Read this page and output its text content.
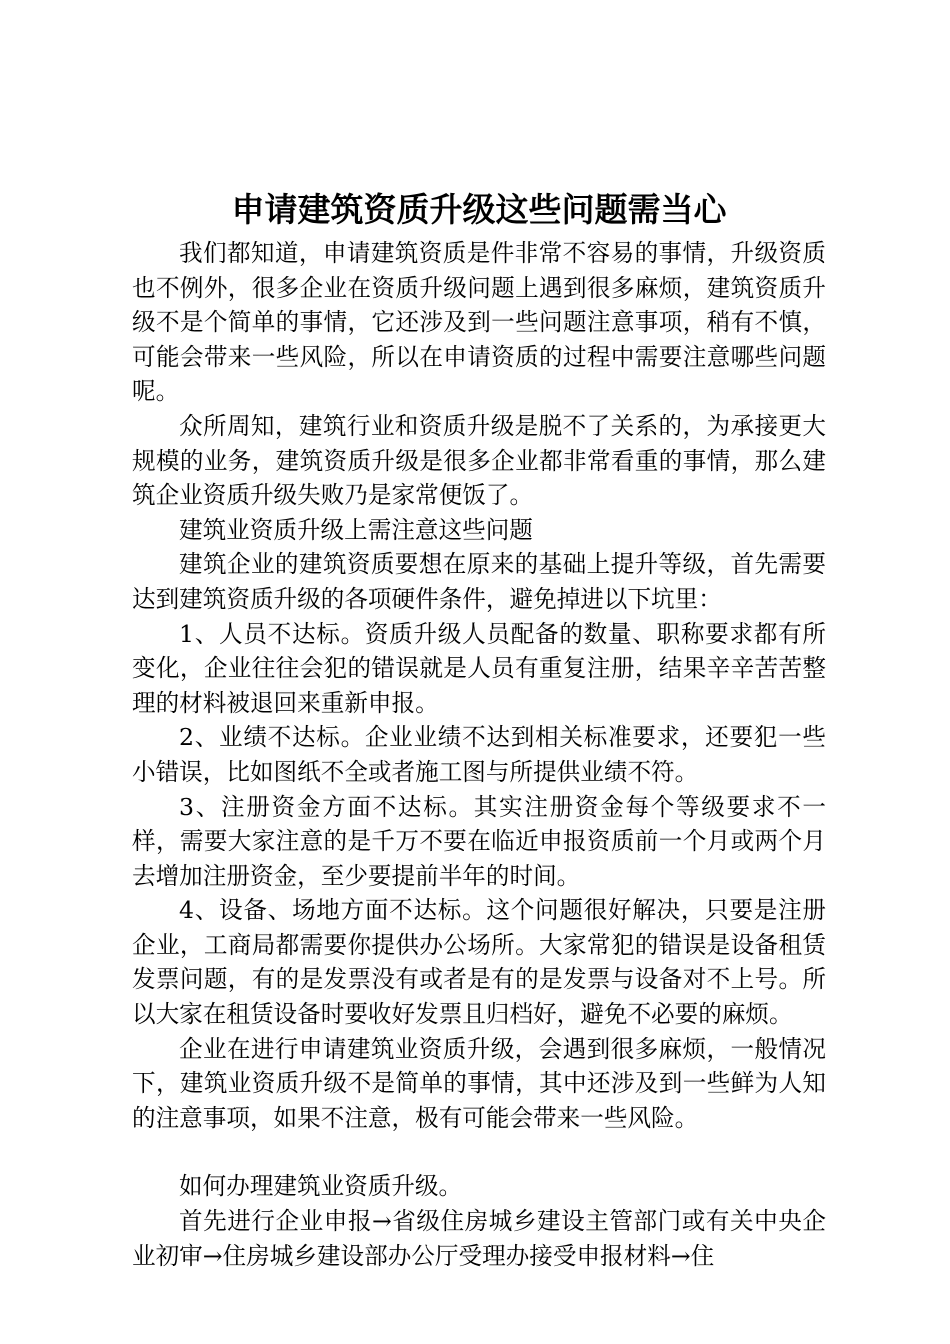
申请建筑资质升级这些问题需当心

我们都知道，申请建筑资质是件非常不容易的事情，升级资质也不例外，很多企业在资质升级问题上遇到很多麻烦，建筑资质升级不是个简单的事情，它还涉及到一些问题注意事项，稍有不慎，可能会带来一些风险，所以在申请资质的过程中需要注意哪些问题呢。

众所周知，建筑行业和资质升级是脱不了关系的，为承接更大规模的业务，建筑资质升级是很多企业都非常看重的事情，那么建筑企业资质升级失败乃是家常便饭了。

建筑业资质升级上需注意这些问题

建筑企业的建筑资质要想在原来的基础上提升等级，首先需要达到建筑资质升级的各项硬件条件，避免掉进以下坑里：

1、人员不达标。资质升级人员配备的数量、职称要求都有所变化，企业往往会犯的错误就是人员有重复注册，结果辛辛苦苦整理的材料被退回来重新申报。

2、业绩不达标。企业业绩不达到相关标准要求，还要犯一些小错误，比如图纸不全或者施工图与所提供业绩不符。

3、注册资金方面不达标。其实注册资金每个等级要求不一样，需要大家注意的是千万不要在临近申报资质前一个月或两个月去增加注册资金，至少要提前半年的时间。

4、设备、场地方面不达标。这个问题很好解决，只要是注册企业，工商局都需要你提供办公场所。大家常犯的错误是设备租赁发票问题，有的是发票没有或者是有的是发票与设备对不上号。所以大家在租赁设备时要收好发票且归档好，避免不必要的麻烦。

企业在进行申请建筑业资质升级，会遇到很多麻烦，一般情况下，建筑业资质升级不是简单的事情，其中还涉及到一些鲜为人知的注意事项，如果不注意，极有可能会带来一些风险。

如何办理建筑业资质升级。

首先进行企业申报→省级住房城乡建设主管部门或有关中央企业初审→住房城乡建设部办公厅受理办接受申报材料→住
